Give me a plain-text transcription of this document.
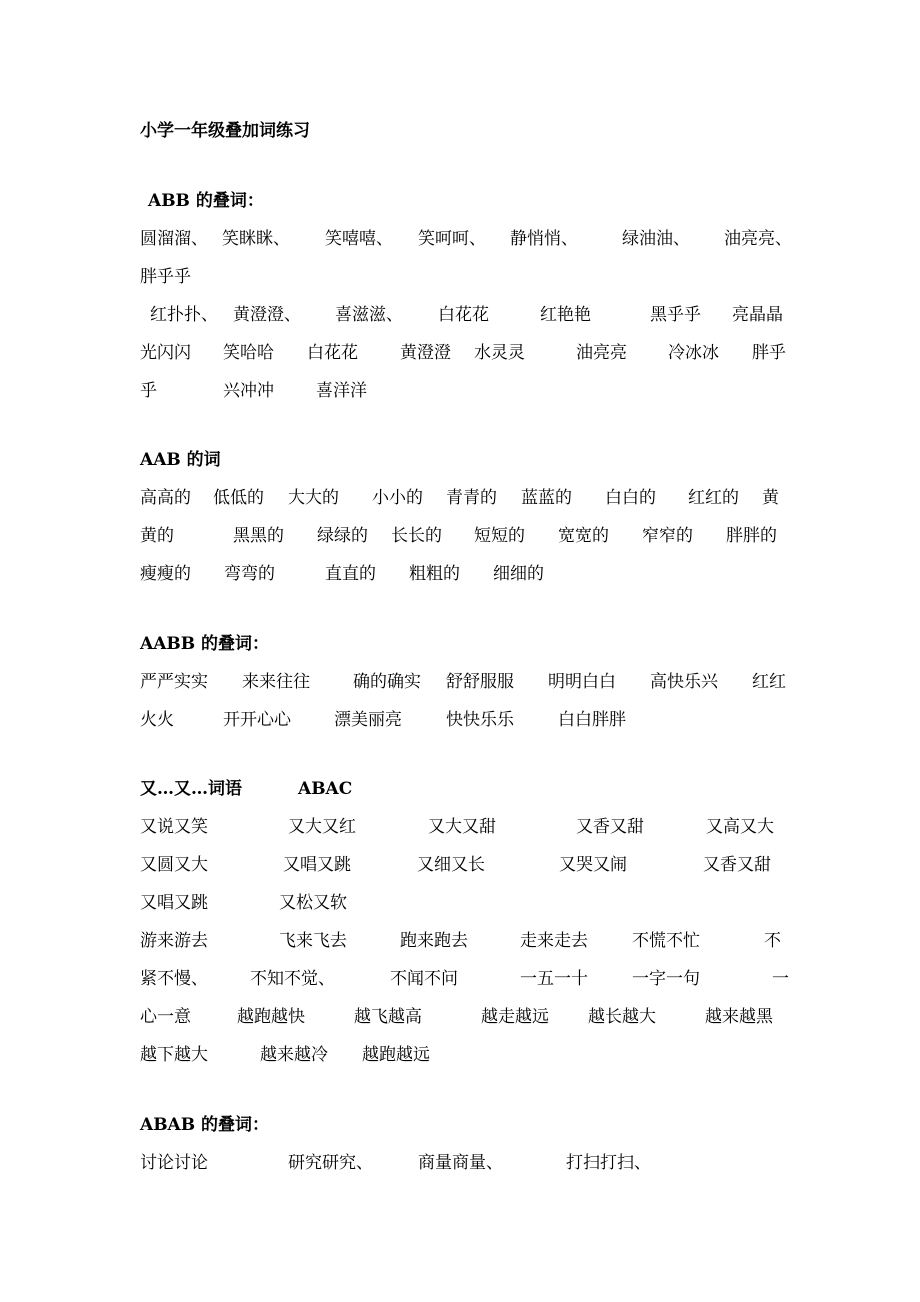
小学一年级叠加词练习
ABB 的叠词：
圆溜溜、 笑眯眯、 笑嘻嘻、 笑呵呵、 静悄悄、	绿油油、 油亮亮、
胖乎乎
红扑扑、 黄澄澄、 喜滋滋、 白花花	红艳艳	黑乎乎 亮晶晶
光闪闪 笑哈哈 白花花 黄澄澄 水灵灵	油亮亮 冷冰冰 胖乎
乎	兴冲冲 喜洋洋
AAB 的词
高高的 低低的 大大的 小小的 青青的 蓝蓝的 白白的 红红的 黄
黄的	黑黑的 绿绿的 长长的 短短的 宽宽的 窄窄的 胖胖的
瘦瘦的 弯弯的	直直的 粗粗的 细细的
AABB 的叠词：
严严实实 来来往往	确的确实 舒舒服服 明明白白 高快乐兴 红红
火火	开开心心	漂美丽亮	快快乐乐	白白胖胖
又…又…词语	ABAC
又说又笑	又大又红	又大又甜	又香又甜	又高又大
又圆又大	又唱又跳	又细又长	又哭又闹	又香又甜
又唱又跳	又松又软
游来游去	飞来飞去	跑来跑去	走来走去	不慌不忙	不
紧不慢、 不知不觉、	不闻不问	一五一十	一字一句	一
心一意	越跑越快	越飞越高	越走越远 越长越大	越来越黑
越下越大	越来越冷 越跑越远
ABAB 的叠词：
讨论讨论	研究研究、	商量商量、	打扫打扫、
